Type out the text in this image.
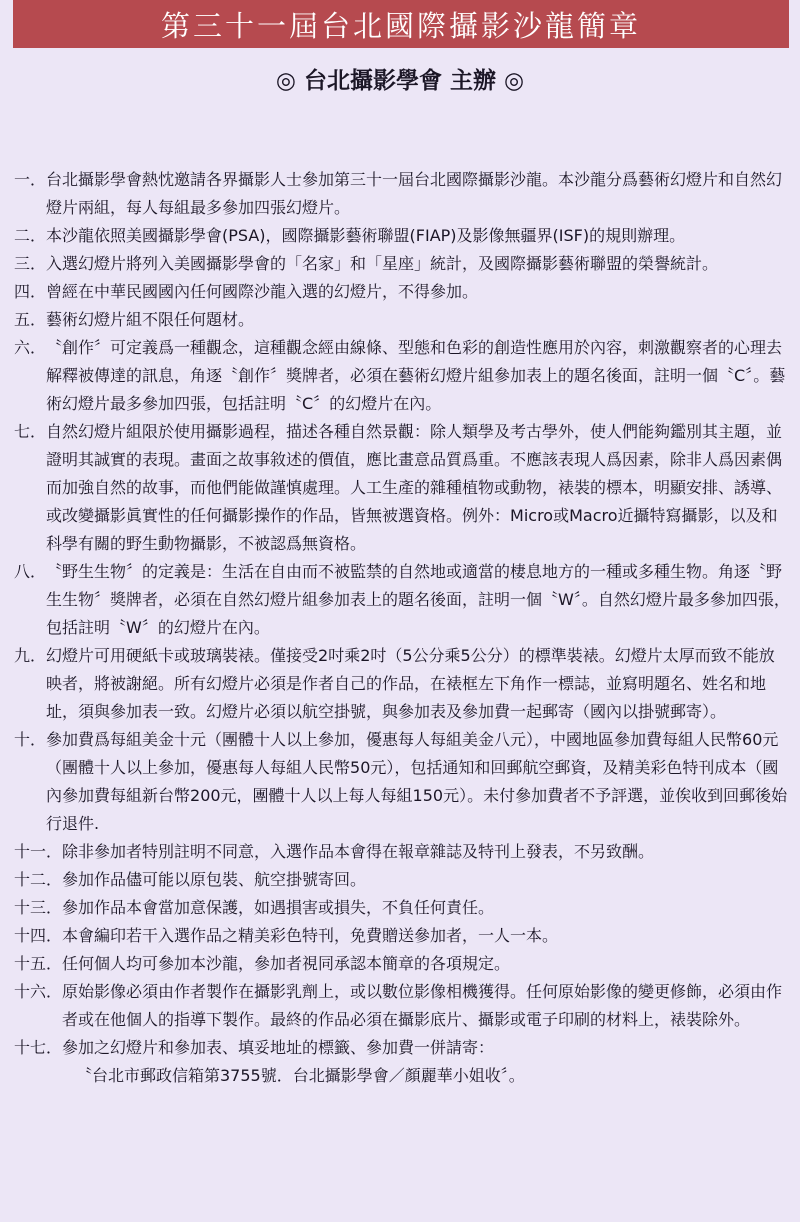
第三十一屆台北國際攝影沙龍簡章
◎ 台北攝影學會 主辦 ◎
一． 台北攝影學會熱忱邀請各界攝影人士參加第三十一屆台北國際攝影沙龍。本沙龍分爲藝術幻燈片和自然幻燈片兩組，每人每組最多參加四張幻燈片。
二． 本沙龍依照美國攝影學會(PSA)，國際攝影藝術聯盟(FIAP)及影像無疆界(ISF)的規則辦理。
三． 入選幻燈片將列入美國攝影學會的「名家」和「星座」統計，及國際攝影藝術聯盟的榮譽統計。
四． 曾經在中華民國國內任何國際沙龍入選的幻燈片，不得參加。
五． 藝術幻燈片組不限任何題材。
六． 〝創作〞可定義爲一種觀念，這種觀念經由線條、型態和色彩的創造性應用於內容，刺激觀察者的心理去解釋被傳達的訊息，角逐〝創作〞獎牌者，必須在藝術幻燈片組參加表上的題名後面，註明一個〝C〞。藝術幻燈片最多參加四張，包括註明〝C〞的幻燈片在內。
七． 自然幻燈片組限於使用攝影過程，描述各種自然景觀：除人類學及考古學外，使人們能夠鑑別其主題，並證明其誠實的表現。畫面之故事敘述的價值，應比畫意品質爲重。不應該表現人爲因素，除非人爲因素偶而加強自然的故事，而他們能做謹慎處理。人工生產的雜種植物或動物，裱裝的標本，明顯安排、誘導、或改變攝影眞實性的任何攝影操作的作品，皆無被選資格。例外：Micro或Macro近攝特寫攝影，以及和科學有關的野生動物攝影，不被認爲無資格。
八． 〝野生生物〞的定義是：生活在自由而不被監禁的自然地或適當的棲息地方的一種或多種生物。角逐〝野生生物〞獎牌者，必須在自然幻燈片組參加表上的題名後面，註明一個〝W〞。自然幻燈片最多參加四張，包括註明〝W〞的幻燈片在內。
九． 幻燈片可用硬紙卡或玻璃裝裱。僅接受2吋乘2吋（5公分乘5公分）的標準裝裱。幻燈片太厚而致不能放映者，將被謝絕。所有幻燈片必須是作者自己的作品，在裱框左下角作一標誌，並寫明題名、姓名和地址，須與參加表一致。幻燈片必須以航空掛號，與參加表及參加費一起郵寄（國內以掛號郵寄）。
十． 參加費爲每組美金十元（團體十人以上參加，優惠每人每組美金八元），中國地區參加費每組人民幣60元（團體十人以上參加，優惠每人每組人民幣50元），包括通知和回郵航空郵資，及精美彩色特刊成本（國內參加費每組新台幣200元，團體十人以上每人每組150元）。未付參加費者不予評選，並俟收到回郵後始行退件.
十一． 除非參加者特別註明不同意，入選作品本會得在報章雜誌及特刊上發表，不另致酬。
十二． 參加作品儘可能以原包裝、航空掛號寄回。
十三． 參加作品本會當加意保護，如遇損害或損失，不負任何責任。
十四． 本會編印若干入選作品之精美彩色特刊，免費贈送參加者，一人一本。
十五． 任何個人均可參加本沙龍，參加者視同承認本簡章的各項規定。
十六． 原始影像必須由作者製作在攝影乳劑上，或以數位影像相機獲得。任何原始影像的變更修飾，必須由作者或在他個人的指導下製作。最終的作品必須在攝影底片、攝影或電子印刷的材料上，裱裝除外。
十七． 參加之幻燈片和參加表、填妥地址的標籤、參加費一併請寄：
〝台北市郵政信箱第3755號．台北攝影學會／顏麗華小姐收〞。
